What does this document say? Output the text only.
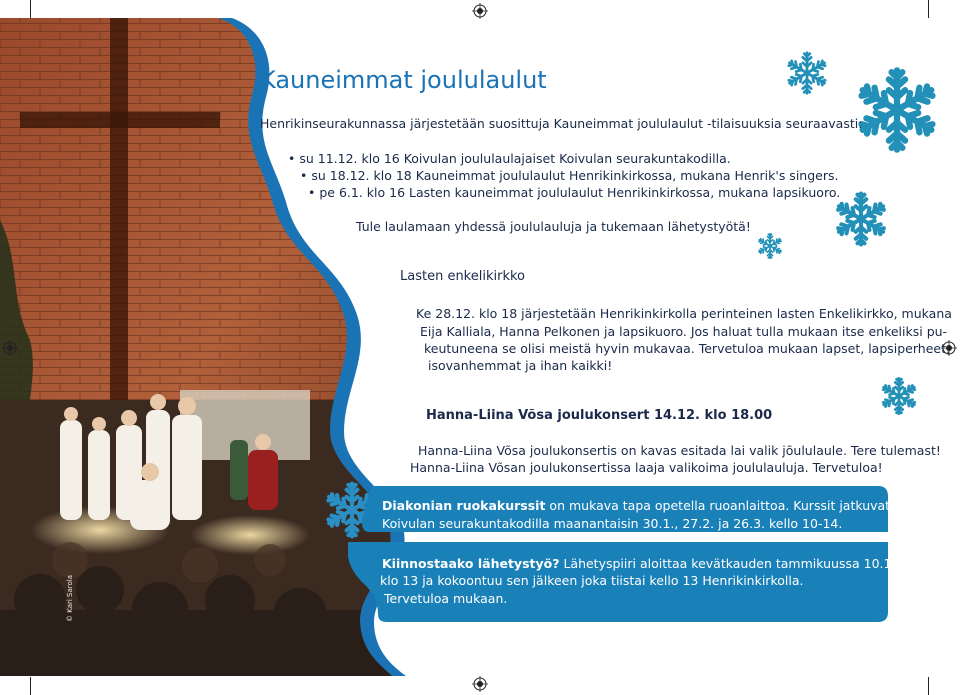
Kauneimmat joululaulut
Henrikinseurakunnassa järjestetään suosittuja Kauneimmat joululaulut -tilaisuuksia seuraavasti:
• su 11.12. klo 16 Koivulan joululaulajaiset Koivulan seurakuntakodilla.
• su 18.12. klo 18 Kauneimmat joululaulut Henrikinkirkossa, mukana Henrik's singers.
• pe 6.1. klo 16 Lasten kauneimmat joululaulut Henrikinkirkossa, mukana lapsikuoro.
Tule laulamaan yhdessä joululauluja ja tukemaan lähetystyötä!
Lasten enkelikirkko
Ke 28.12. klo 18 järjestetään Henrikinkirkolla perinteinen lasten Enkelikirkko, mukana
Eija Kalliala, Hanna Pelkonen ja lapsikuoro. Jos haluat tulla mukaan itse enkeliksi pu-
keutuneena se olisi meistä hyvin mukavaa. Tervetuloa mukaan lapset, lapsiperheet,
isovanhemmat ja ihan kaikki!
Hanna-Liina Võsa joulukonsert 14.12. klo 18.00
Hanna-Liina Võsa joulukonsertis on kavas esitada lai valik jõululaule. Tere tulemast!
Hanna-Liina Võsan joulukonsertissa laaja valikoima joululauluja. Tervetuloa!
Diakonian ruokakurssit on mukava tapa opetella ruoanlaittoa. Kurssit jatkuvat
Koivulan seurakuntakodilla maanantaisin 30.1., 27.2. ja 26.3. kello 10-14.
Kiinnostaako lähetystyö? Lähetyspiiri aloittaa kevätkauden tammikuussa 10.1.
klo 13 ja kokoontuu sen jälkeen joka tiistai kello 13 Henrikinkirkolla.
Tervetuloa mukaan.
© Kari Sarola
